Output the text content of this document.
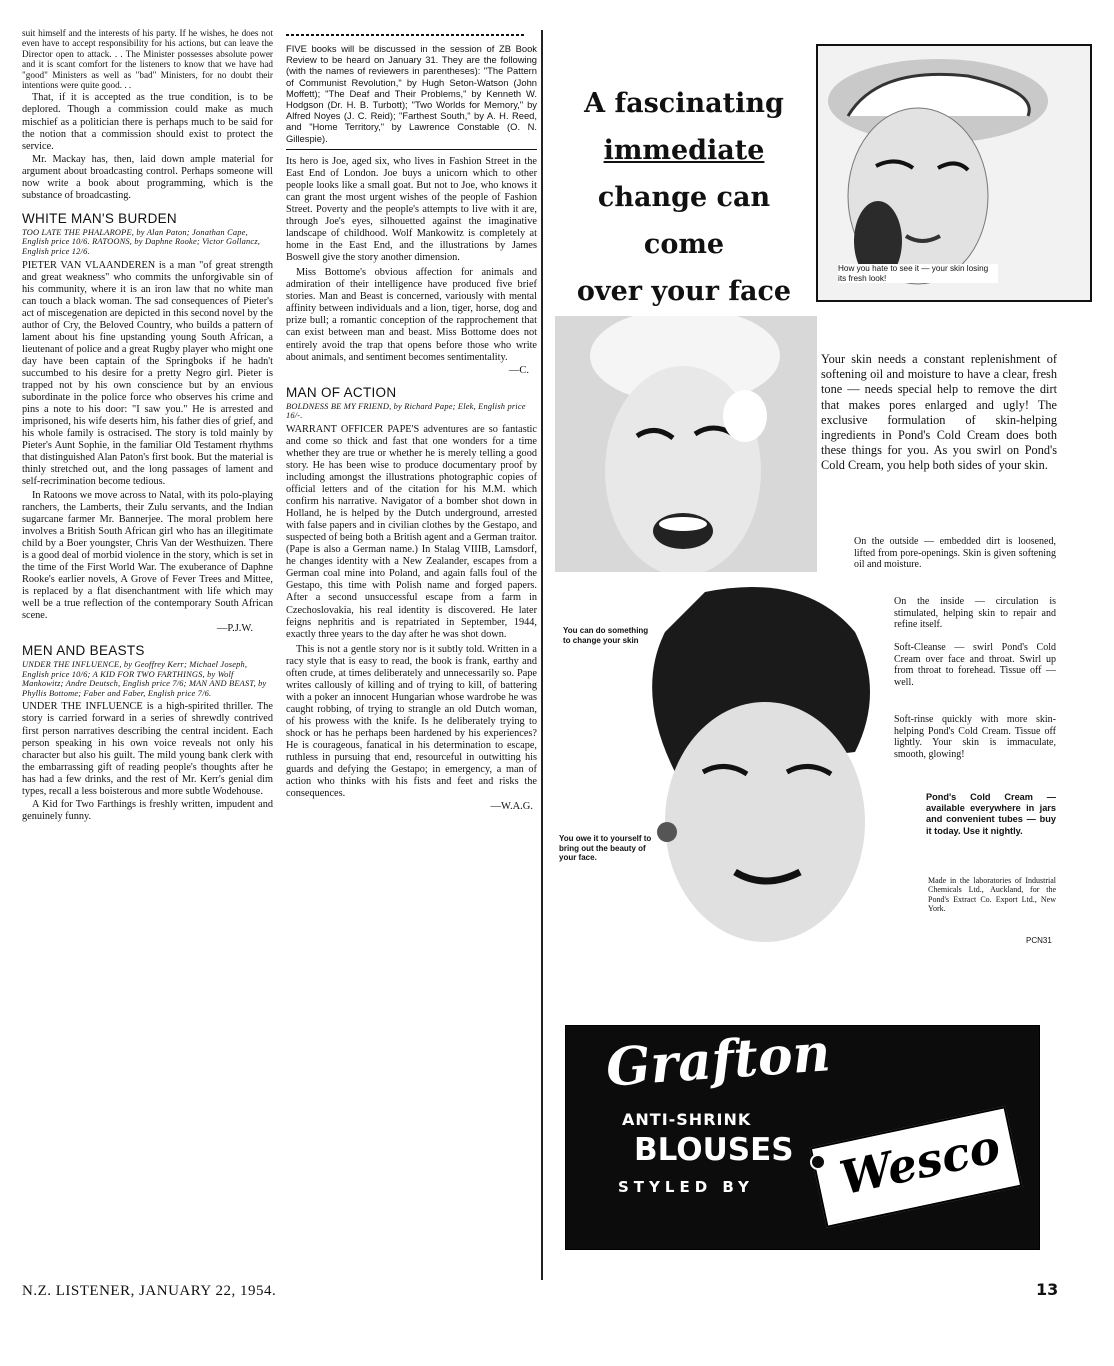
suit himself and the interests of his party. If he wishes, he does not even have to accept responsibility for his actions, but can leave the Director open to attack. . . The Minister possesses absolute power and it is scant comfort for the listeners to know that we have had "good" Ministers as well as "bad" Ministers, for no doubt their intentions were quite good. . .

That, if it is accepted as the true condition, is to be deplored. Though a commission could make as much mischief as a politician there is perhaps much to be said for the notion that a commission should exist to protect the service.

Mr. Mackay has, then, laid down ample material for argument about broadcasting control. Perhaps someone will now write a book about programming, which is the substance of broadcasting.

WHITE MAN'S BURDEN

TOO LATE THE PHALAROPE, by Alan Paton; Jonathan Cape, English price 10/6. RATOONS, by Daphne Rooke; Victor Gollancz, English price 12/6.

PIETER VAN VLAANDEREN is a man "of great strength and great weakness" who commits the unforgivable sin of his community, where it is an iron law that no white man can touch a black woman. The sad consequences of Pieter's act of miscegenation are depicted in this second novel by the author of Cry, the Beloved Country, who builds a pattern of lament about his fine upstanding young South African, a lieutenant of police and a great Rugby player who might one day have been captain of the Springboks if he hadn't succumbed to his desire for a pretty Negro girl. Pieter is trapped not by his own conscience but by an envious subordinate in the police force who observes his crime and pins a note to his door: "I saw you." He is arrested and imprisoned, his wife deserts him, his father dies of grief, and his whole family is ostracised. The story is told mainly by Pieter's Aunt Sophie, in the familiar Old Testament rhythms that distinguished Alan Paton's first book. But the material is thinly stretched out, and the long passages of lament and self-recrimination become tedious.

In Ratoons we move across to Natal, with its polo-playing ranchers, the Lamberts, their Zulu servants, and the Indian sugarcane farmer Mr. Bannerjee. The moral problem here involves a British South African girl who has an illegitimate child by a Boer youngster, Chris Van der Westhuizen. There is a good deal of morbid violence in the story, which is set in the time of the First World War. The exuberance of Daphne Rooke's earlier novels, A Grove of Fever Trees and Mittee, is replaced by a flat disenchantment with life which may well be a true reflection of the contemporary South African scene.

—P.J.W.

MEN AND BEASTS

UNDER THE INFLUENCE, by Geoffrey Kerr; Michael Joseph, English price 10/6; A KID FOR TWO FARTHINGS, by Wolf Mankowitz; Andre Deutsch, English price 7/6; MAN AND BEAST, by Phyllis Bottome; Faber and Faber, English price 7/6.

UNDER THE INFLUENCE is a high-spirited thriller. The story is carried forward in a series of shrewdly contrived first person narratives describing the central incident. Each person speaking in his own voice reveals not only his character but also his guilt. The mild young bank clerk with the embarrassing gift of reading people's thoughts after he has had a few drinks, and the rest of Mr. Kerr's genial dim types, recall a less boisterous and more subtle Wodehouse.

A Kid for Two Farthings is freshly written, impudent and genuinely funny.

FIVE books will be discussed in the session of ZB Book Review to be heard on January 31. They are the following (with the names of reviewers in parentheses): "The Pattern of Communist Revolution," by Hugh Seton-Watson (John Moffett); "The Deaf and Their Problems," by Kenneth W. Hodgson (Dr. H. B. Turbott); "Two Worlds for Memory," by Alfred Noyes (J. C. Reid); "Farthest South," by A. H. Reed, and "Home Territory," by Lawrence Constable (O. N. Gillespie).

Its hero is Joe, aged six, who lives in Fashion Street in the East End of London. Joe buys a unicorn which to other people looks like a small goat. But not to Joe, who knows it can grant the most urgent wishes of the people of Fashion Street. Poverty and the people's attempts to live with it are, through Joe's eyes, silhouetted against the imaginative landscape of childhood. Wolf Mankowitz is completely at home in the East End, and the illustrations by James Boswell give the story another dimension.

Miss Bottome's obvious affection for animals and admiration of their intelligence have produced five brief stories. Man and Beast is concerned, variously with mental affinity between individuals and a lion, tiger, horse, dog and prize bull; a romantic conception of the rapprochement that can exist between man and beast. Miss Bottome does not entirely avoid the trap that opens before those who write about animals, and sentiment becomes sentimentality.

—C.

MAN OF ACTION

BOLDNESS BE MY FRIEND, by Richard Pape; Elek, English price 16/-.

WARRANT OFFICER PAPE'S adventures are so fantastic and come so thick and fast that one wonders for a time whether they are true or whether he is merely telling a good story. He has been wise to produce documentary proof by including amongst the illustrations photographic copies of official letters and of the citation for his M.M. which confirm his narrative. Navigator of a bomber shot down in Holland, he is helped by the Dutch underground, arrested with false papers and in civilian clothes by the Gestapo, and suspected of being both a British agent and a German traitor. (Pape is also a German name.) In Stalag VIIIB, Lamsdorf, he changes identity with a New Zealander, escapes from a German coal mine into Poland, and again falls foul of the Gestapo, this time with Polish name and forged papers. After a second unsuccessful escape from a farm in Czechoslovakia, his real identity is discovered. He later feigns nephritis and is repatriated in September, 1944, exactly three years to the day after he was shot down.

This is not a gentle story nor is it subtly told. Written in a racy style that is easy to read, the book is frank, earthy and often crude, at times deliberately and unnecessarily so. Pape writes callously of killing and of trying to kill, of battering with a poker an innocent Hungarian whose wardrobe he was caught robbing, of trying to strangle an old Dutch woman, of his prowess with the knife. Is he deliberately trying to shock or has he perhaps been hardened by his experiences? He is courageous, fanatical in his determination to escape, ruthless in pursuing that end, resourceful in outwitting his guards and defying the Gestapo; in emergency, a man of action who thinks with his fists and feet and risks the consequences.

—W.A.G.

A fascinating
immediate
change can come
over your face
How you hate to see it — your skin losing its fresh look!
You can do something to change your skin
You owe it to yourself to bring out the beauty of your face.

Your skin needs a constant replenishment of softening oil and moisture to have a clear, fresh tone — needs special help to remove the dirt that makes pores enlarged and ugly! The exclusive formulation of skin-helping ingredients in Pond's Cold Cream does both these things for you. As you swirl on Pond's Cold Cream, you help both sides of your skin.

On the outside — embedded dirt is loosened, lifted from pore-openings. Skin is given softening oil and moisture.

On the inside — circulation is stimulated, helping skin to repair and refine itself.

Soft-Cleanse — swirl Pond's Cold Cream over face and throat. Swirl up from throat to forehead. Tissue off — well.

Soft-rinse quickly with more skin-helping Pond's Cold Cream. Tissue off lightly. Your skin is immaculate, smooth, glowing!

Pond's Cold Cream — available everywhere in jars and convenient tubes — buy it today. Use it nightly.

Made in the laboratories of Industrial Chemicals Ltd., Auckland, for the Pond's Extract Co. Export Ltd., New York.

PCN31

Grafton
ANTI-SHRINK
BLOUSES
STYLED BY Wesco
N.Z. LISTENER, JANUARY 22, 1954.	13
